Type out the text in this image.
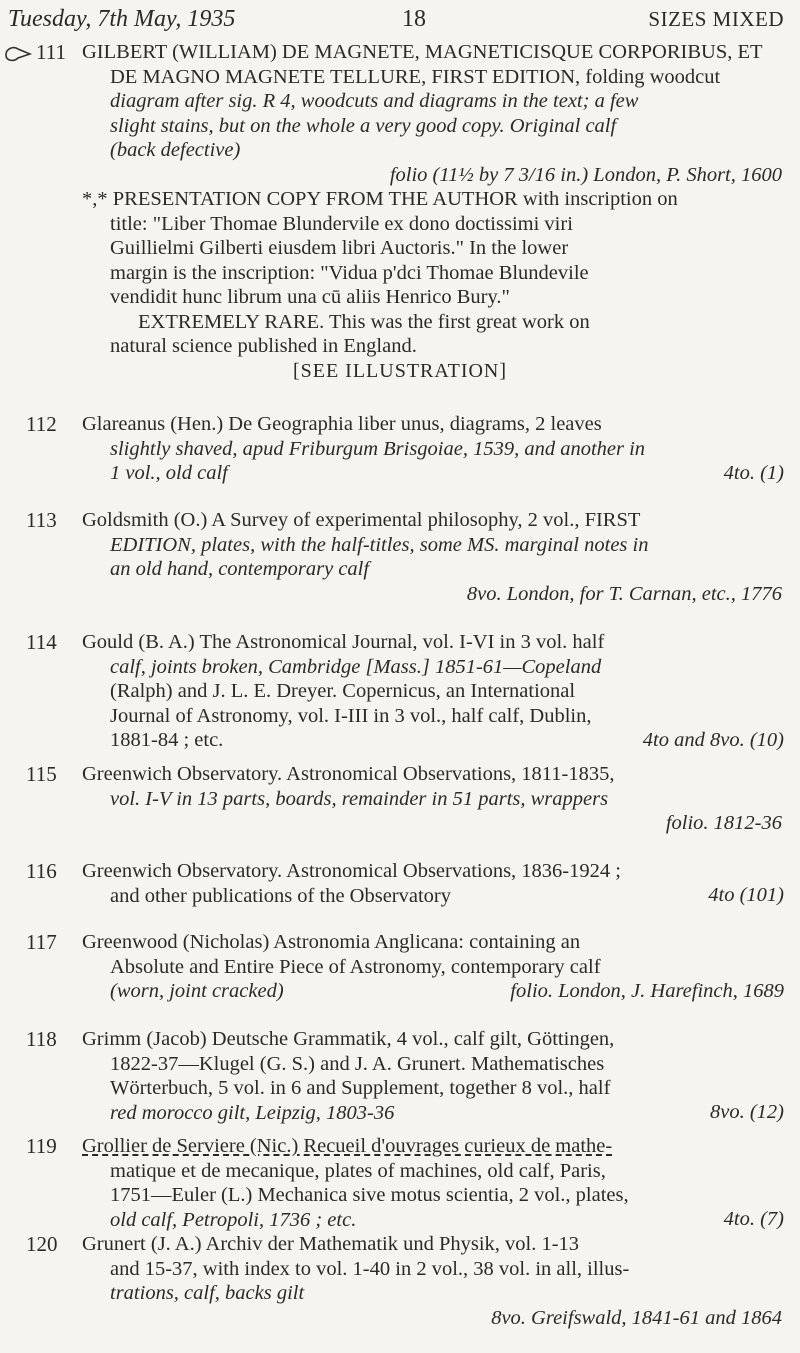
Tuesday, 7th May, 1935	18	SIZES MIXED
111 GILBERT (WILLIAM) DE MAGNETE, MAGNETICISQUE CORPORIBUS, ET
DE MAGNO MAGNETE TELLURE, FIRST EDITION, folding woodcut
diagram after sig. R 4, woodcuts and diagrams in the text; a few
slight stains, but on the whole a very good copy. Original calf
(back defective)
folio (11½ by 7 3/16 in.) London, P. Short, 1600
*,* PRESENTATION COPY FROM THE AUTHOR with inscription on
title: "Liber Thomae Blundervile ex dono doctissimi viri
Guillielmi Gilberti eiusdem libri Auctoris." In the lower
margin is the inscription: "Vidua p'dci Thomae Blundevile
vendidit hunc librum una cū aliis Henrico Bury."
EXTREMELY RARE. This was the first great work on
natural science published in England.
[SEE ILLUSTRATION]
112 Glareanus (Hen.) De Geographia liber unus, diagrams, 2 leaves
slightly shaved, apud Friburgum Brisgoiae, 1539, and another in
1 vol., old calf	4to. (1)
113 Goldsmith (O.) A Survey of experimental philosophy, 2 vol., FIRST
EDITION, plates, with the half-titles, some MS. marginal notes in
an old hand, contemporary calf
8vo. London, for T. Carnan, etc., 1776
114 Gould (B. A.) The Astronomical Journal, vol. I-VI in 3 vol. half
calf, joints broken, Cambridge [Mass.] 1851-61—Copeland
(Ralph) and J. L. E. Dreyer. Copernicus, an International
Journal of Astronomy, vol. I-III in 3 vol., half calf, Dublin,
1881-84 ; etc.	4to and 8vo. (10)
115 Greenwich Observatory. Astronomical Observations, 1811-1835,
vol. I-V in 13 parts, boards, remainder in 51 parts, wrappers
folio. 1812-36
116 Greenwich Observatory. Astronomical Observations, 1836-1924 ;
and other publications of the Observatory	4to (101)
117 Greenwood (Nicholas) Astronomia Anglicana: containing an
Absolute and Entire Piece of Astronomy, contemporary calf
(worn, joint cracked)	folio. London, J. Harefinch, 1689
118 Grimm (Jacob) Deutsche Grammatik, 4 vol., calf gilt, Göttingen,
1822-37—Klugel (G. S.) and J. A. Grunert. Mathematisches
Wörterbuch, 5 vol. in 6 and Supplement, together 8 vol., half
red morocco gilt, Leipzig, 1803-36	8vo. (12)
119 Grollier de Serviere (Nic.) Recueil d'ouvrages curieux de mathe-
matique et de mecanique, plates of machines, old calf, Paris,
1751—Euler (L.) Mechanica sive motus scientia, 2 vol., plates,
old calf, Petropoli, 1736 ; etc.	4to. (7)
120 Grunert (J. A.) Archiv der Mathematik und Physik, vol. 1-13
and 15-37, with index to vol. 1-40 in 2 vol., 38 vol. in all, illus-
trations, calf, backs gilt
8vo. Greifswald, 1841-61 and 1864
